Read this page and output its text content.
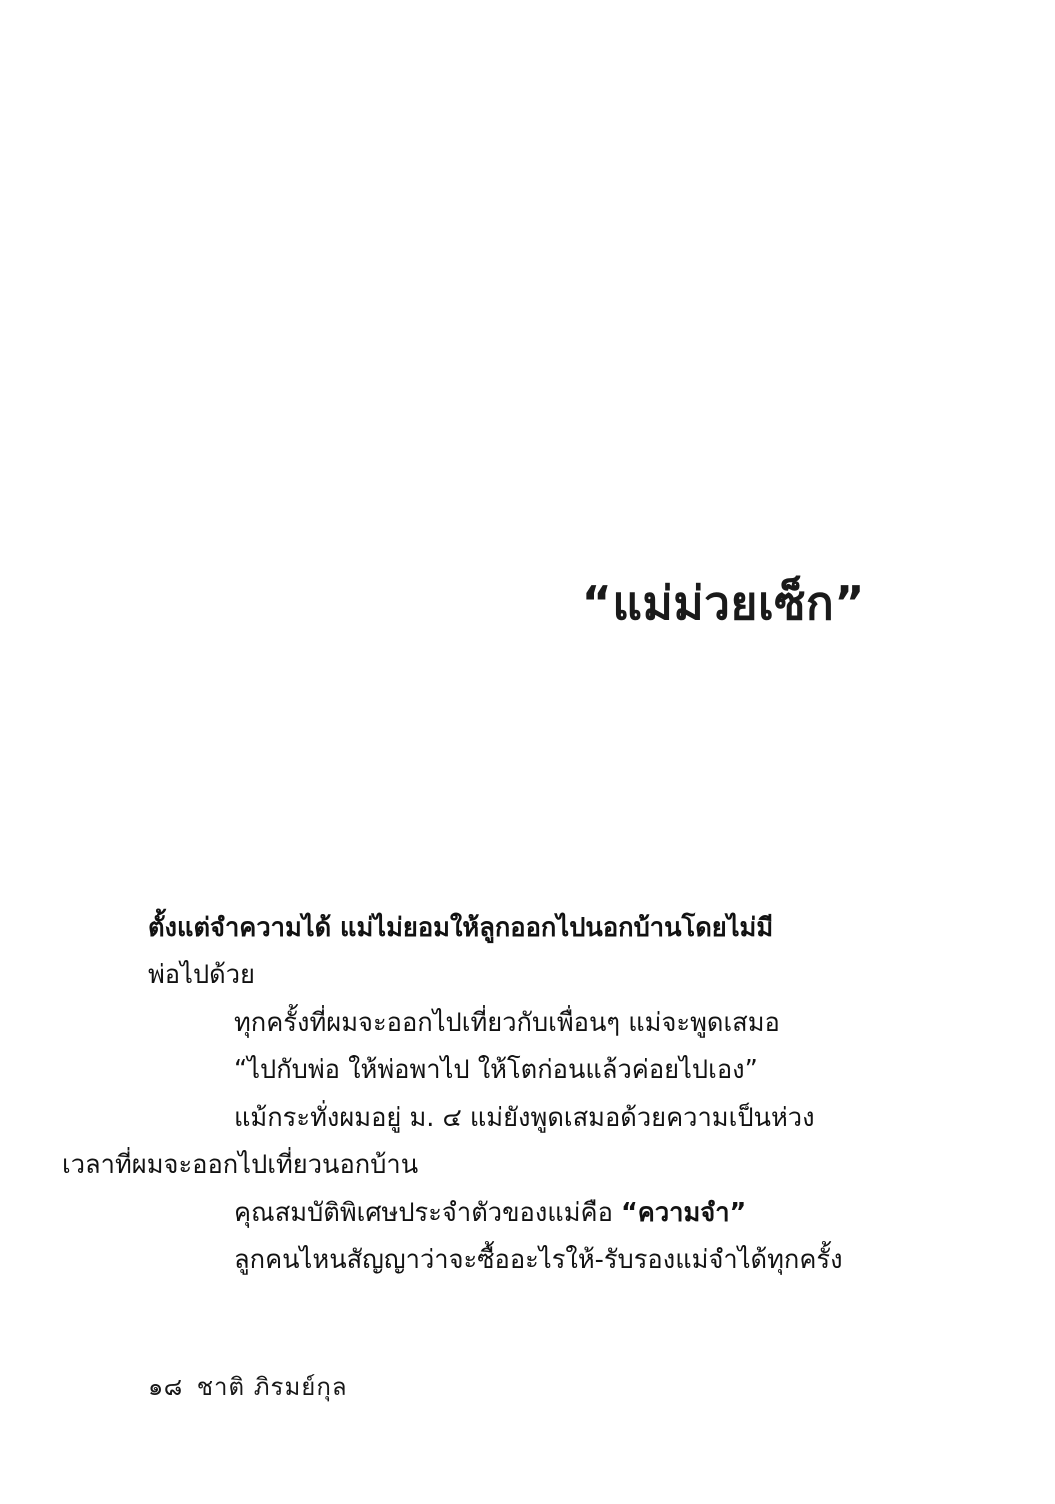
“แม่ม่วยเซ็ก”

ตั้งแต่จำความได้ แม่ไม่ยอมให้ลูกออกไปนอกบ้านโดยไม่มี
พ่อไปด้วย

ทุกครั้งที่ผมจะออกไปเที่ยวกับเพื่อนๆ แม่จะพูดเสมอ

“ไปกับพ่อ ให้พ่อพาไป ให้โตก่อนแล้วค่อยไปเอง”

แม้กระทั่งผมอยู่ ม. ๔ แม่ยังพูดเสมอด้วยความเป็นห่วง
เวลาที่ผมจะออกไปเที่ยวนอกบ้าน

คุณสมบัติพิเศษประจำตัวของแม่คือ “ความจำ”

ลูกคนไหนสัญญาว่าจะซื้ออะไรให้-รับรองแม่จำได้ทุกครั้ง

๑๘ ชาติ ภิรมย์กุล
